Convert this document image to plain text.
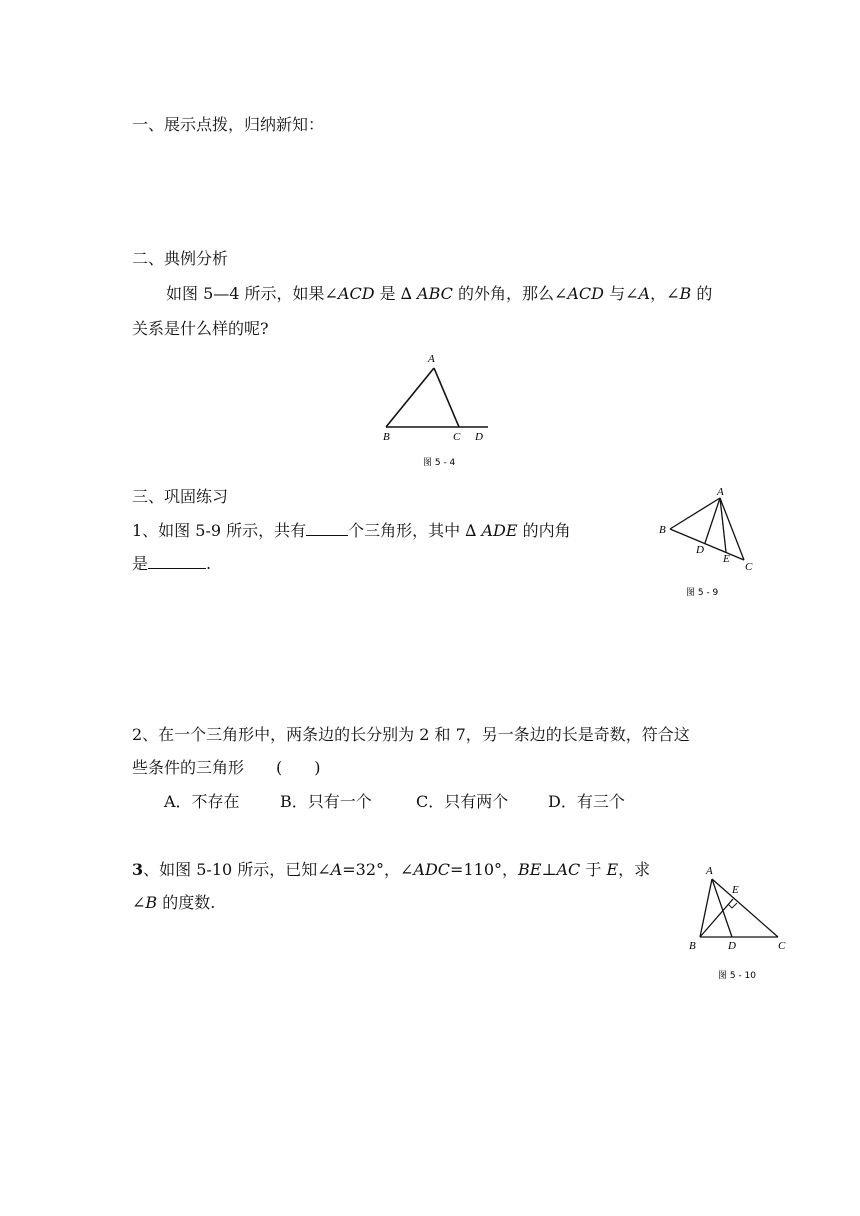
一、展示点拨，归纳新知：
二、典例分析
如图 5—4 所示，如果∠ACD 是 ∆ ABC 的外角，那么∠ACD 与∠A，∠B 的
关系是什么样的呢?
A
B	C D
图 5 - 4
三、巩固练习
1、如图 5-9 所示，共有	个三角形，其中 ∆ ADE 的内角
是	.
A
B
D
E
C
图 5 - 9
2、在一个三角形中，两条边的长分别为 2 和 7，另一条边的长是奇数，符合这
些条件的三角形　　(　　)
A．不存在	B．只有一个	C．只有两个 D．有三个
3、如图 5-10 所示，已知∠A=32°，∠ADC=110°，BE⊥AC 于 E，求
∠B 的度数.
A
E
B	D	C
图 5 - 10
